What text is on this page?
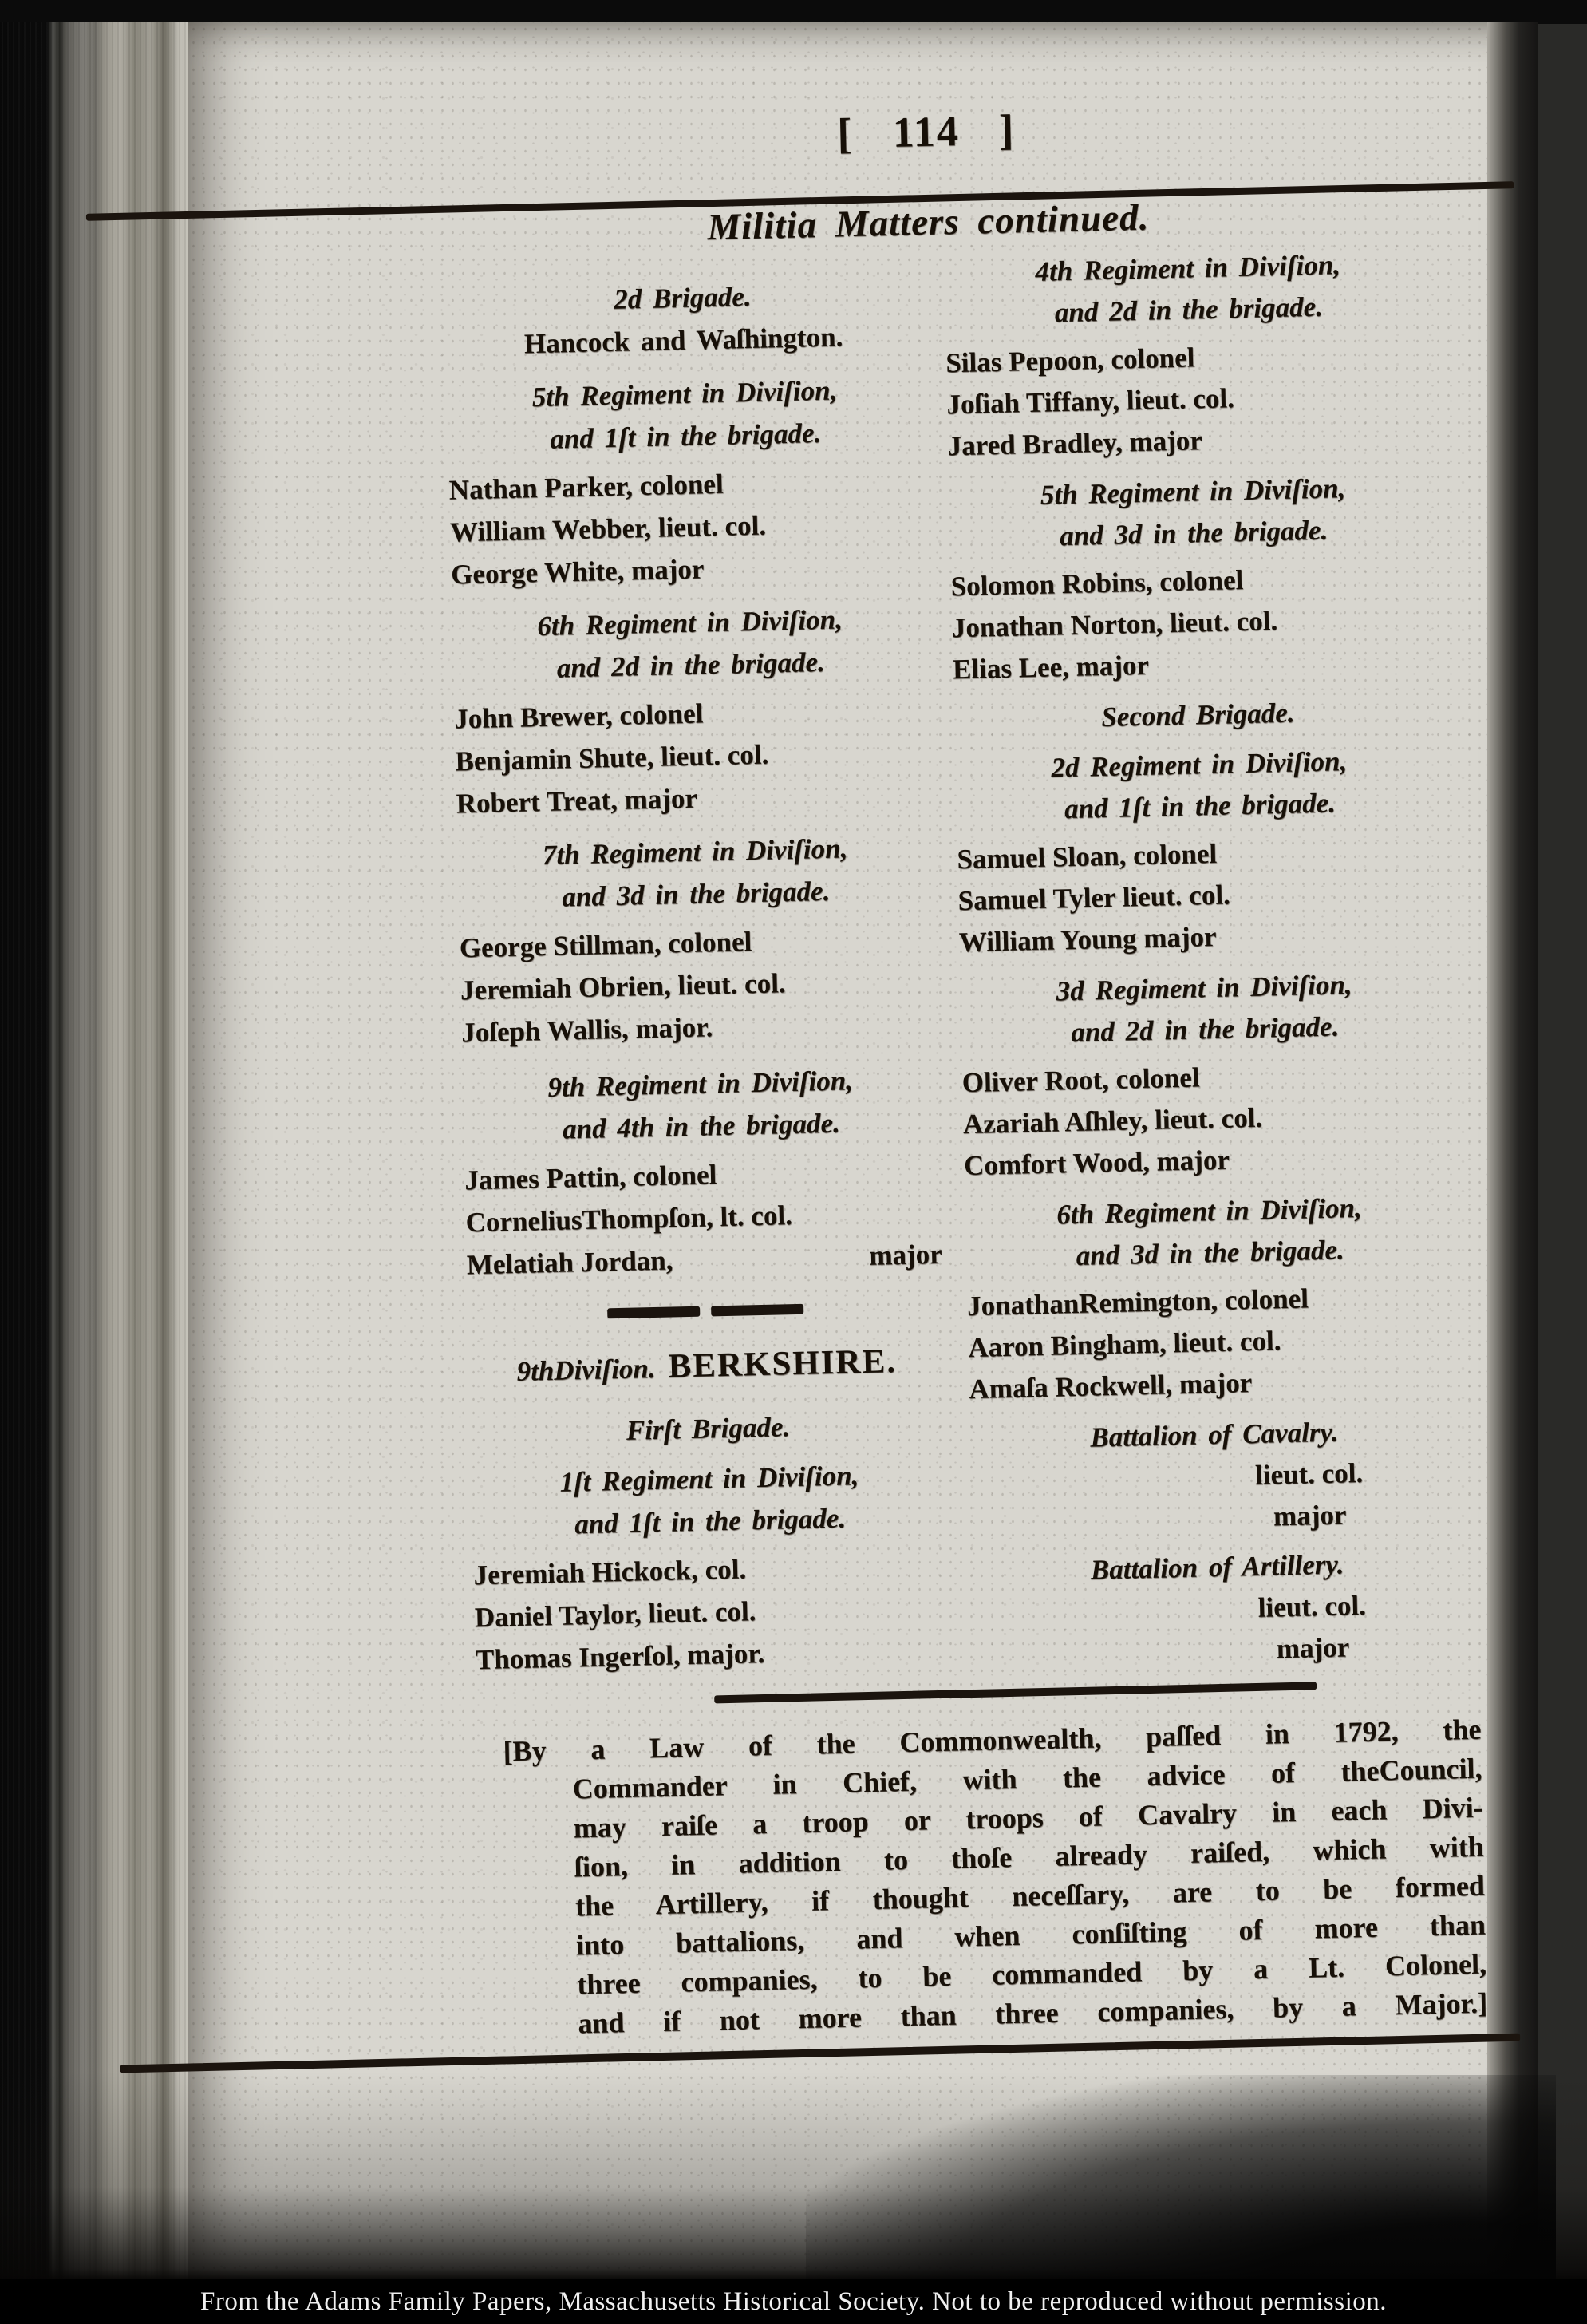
[ 114 ]
Militia Matters continued.
2d Brigade.
Hancock and Waſhington.
5th Regiment in Diviſion,
and 1ſt in the brigade.
Nathan Parker, colonel
William Webber, lieut. col.
George White, major
6th Regiment in Diviſion,
and 2d in the brigade.
John Brewer, colonel
Benjamin Shute, lieut. col.
Robert Treat, major
7th Regiment in Diviſion,
and 3d in the brigade.
George Stillman, colonel
Jeremiah Obrien, lieut. col.
Joſeph Wallis, major.
9th Regiment in Diviſion,
and 4th in the brigade.
James Pattin, colonel
CorneliusThompſon, lt. col.
Melatiah Jordan,	major
9thDiviſion. BERKSHIRE.
Firſt Brigade.
1ſt Regiment in Diviſion,
and 1ſt in the brigade.
Jeremiah Hickock, col.
Daniel Taylor, lieut. col.
Thomas Ingerſol, major.
4th Regiment in Diviſion,
and 2d in the brigade.
Silas Pepoon, colonel
Joſiah Tiffany, lieut. col.
Jared Bradley, major
5th Regiment in Diviſion,
and 3d in the brigade.
Solomon Robins, colonel
Jonathan Norton, lieut. col.
Elias Lee, major
Second Brigade.
2d Regiment in Diviſion,
and 1ſt in the brigade.
Samuel Sloan, colonel
Samuel Tyler lieut. col.
William Young major
3d Regiment in Diviſion,
and 2d in the brigade.
Oliver Root, colonel
Azariah Aſhley, lieut. col.
Comfort Wood, major
6th Regiment in Diviſion,
and 3d in the brigade.
JonathanRemington, colonel
Aaron Bingham, lieut. col.
Amaſa Rockwell, major
Battalion of Cavalry.
lieut. col.
major
Battalion of Artillery.
lieut. col.
major
[By a Law of the Commonwealth, paſſed in 1792, the
Commander in Chief, with the advice of theCouncil,
may raiſe a troop or troops of Cavalry in each Divi-
ſion, in addition to thoſe already raiſed, which with
the Artillery, if thought neceſſary, are to be formed
into battalions, and when conſiſting of more than
three companies, to be commanded by a Lt. Colonel,
and if not more than three companies, by a Major.]
From the Adams Family Papers, Massachusetts Historical Society. Not to be reproduced without permission.
